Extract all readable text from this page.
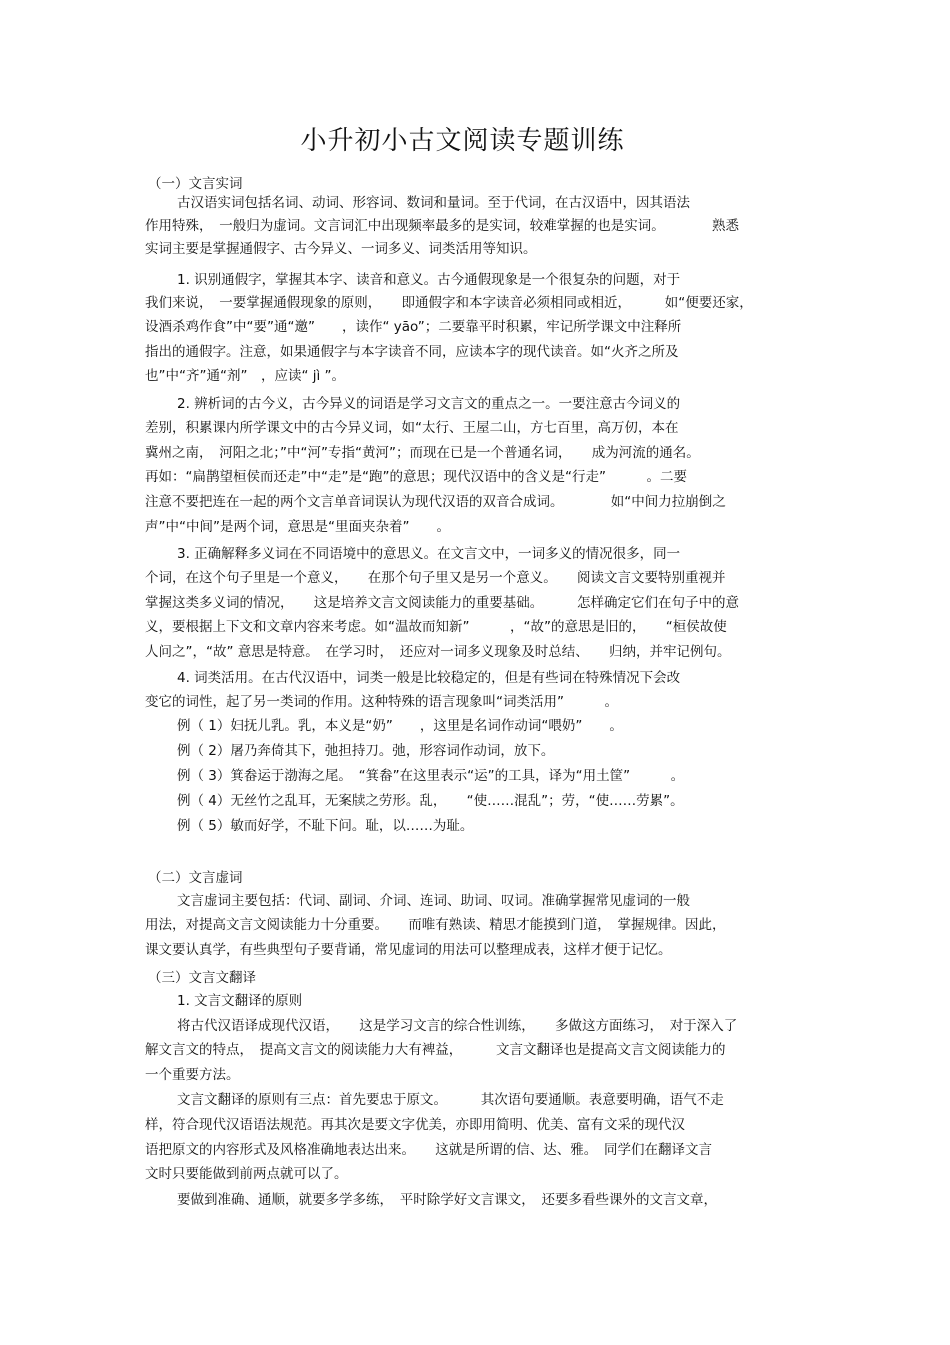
小升初小古文阅读专题训练
（一）文言实词
古汉语实词包括名词、动词、形容词、数词和量词。至于代词，在古汉语中，因其语法
作用特殊，　一般归为虚词。文言词汇中出现频率最多的是实词，较难掌握的也是实词。　　　　熟悉
实词主要是掌握通假字、古今异义、一词多义、词类活用等知识。
1. 识别通假字，掌握其本字、读音和意义。古今通假现象是一个很复杂的问题，对于
我们来说，　一要掌握通假现象的原则，　　即通假字和本字读音必须相同或相近，　　　如“便要还家，
设酒杀鸡作食”中“要”通“邀”　　，读作“ yāo”；二要靠平时积累，牢记所学课文中注释所
指出的通假字。注意，如果通假字与本字读音不同，应读本字的现代读音。如“火齐之所及
也”中“齐”通“剂”　，应读“ jì ”。
2. 辨析词的古今义，古今异义的词语是学习文言文的重点之一。一要注意古今词义的
差别，积累课内所学课文中的古今异义词，如“太行、王屋二山，方七百里，高万仞，本在
冀州之南，　河阳之北；”中“河”专指“黄河”；而现在已是一个普通名词，　　成为河流的通名。
再如：“扁鹊望桓侯而还走”中“走”是“跑”的意思；现代汉语中的含义是“行走”　　　。二要
注意不要把连在一起的两个文言单音词误认为现代汉语的双音合成词。　　　　如“中间力拉崩倒之
声”中“中间”是两个词，意思是“里面夹杂着”　　。
3. 正确解释多义词在不同语境中的意思义。在文言文中，一词多义的情况很多，同一
个词，在这个句子里是一个意义，　　在那个句子里又是另一个意义。　　阅读文言文要特别重视并
掌握这类多义词的情况，　　这是培养文言文阅读能力的重要基础。　　　怎样确定它们在句子中的意
义，要根据上下文和文章内容来考虑。如“温故而知新”　　　，“故”的意思是旧的，　　“桓侯故使
人问之”，“故” 意思是特意。　在学习时，　还应对一词多义现象及时总结、　　归纳，并牢记例句。
4. 词类活用。在古代汉语中，词类一般是比较稳定的，但是有些词在特殊情况下会改
变它的词性，起了另一类词的作用。这种特殊的语言现象叫“词类活用”　　　。
例（ 1）妇抚儿乳。乳，本义是“奶”　　，这里是名词作动词“喂奶”　　。
例（ 2）屠乃奔倚其下，弛担持刀。弛，形容词作动词，放下。
例（ 3）箕畚运于渤海之尾。　“箕畚”在这里表示“运”的工具，译为“用土筐”　　　。
例（ 4）无丝竹之乱耳，无案牍之劳形。乱，　　“使……混乱”；劳，“使……劳累”。
例（ 5）敏而好学，不耻下问。耻，以……为耻。
（二）文言虚词
文言虚词主要包括：代词、副词、介词、连词、助词、叹词。准确掌握常见虚词的一般
用法，对提高文言文阅读能力十分重要。　　而唯有熟读、精思才能摸到门道，　掌握规律。因此，
课文要认真学，有些典型句子要背诵，常见虚词的用法可以整理成表，这样才便于记忆。
（三）文言文翻译
1. 文言文翻译的原则
将古代汉语译成现代汉语，　　这是学习文言的综合性训练，　　多做这方面练习，　对于深入了
解文言文的特点，　提高文言文的阅读能力大有裨益，　　　文言文翻译也是提高文言文阅读能力的
一个重要方法。
文言文翻译的原则有三点：首先要忠于原文。　　　其次语句要通顺。表意要明确，语气不走
样，符合现代汉语语法规范。再其次是要文字优美，亦即用简明、优美、富有文采的现代汉
语把原文的内容形式及风格准确地表达出来。　　这就是所谓的信、达、雅。　同学们在翻译文言
文时只要能做到前两点就可以了。
要做到准确、通顺，就要多学多练，　平时除学好文言课文，　还要多看些课外的文言文章，
